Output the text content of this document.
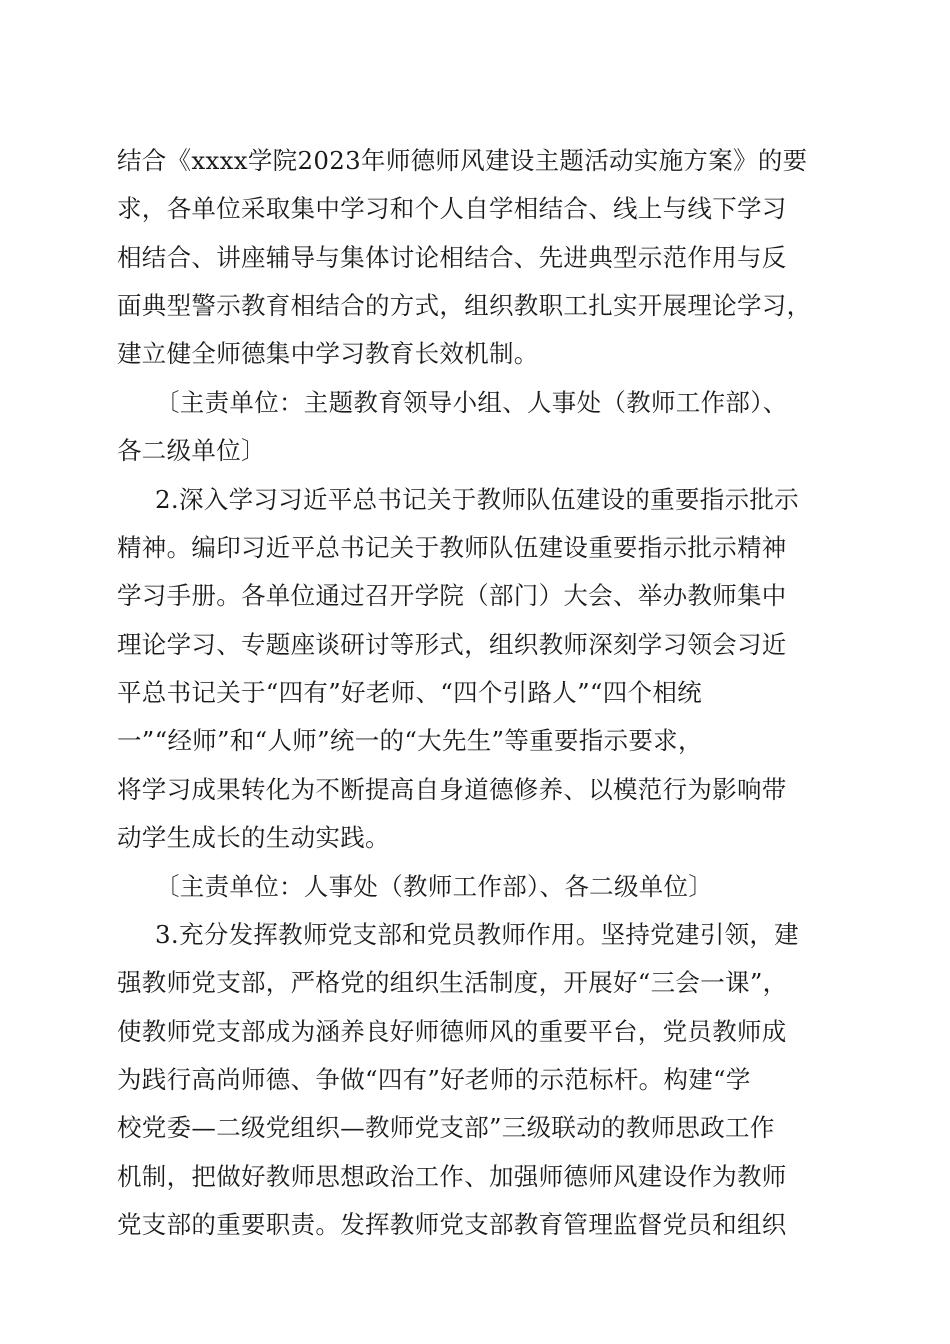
结合《xxxx学院2023年师德师风建设主题活动实施方案》的要
求，各单位采取集中学习和个人自学相结合、线上与线下学习
相结合、讲座辅导与集体讨论相结合、先进典型示范作用与反
面典型警示教育相结合的方式，组织教职工扎实开展理论学习，
建立健全师德集中学习教育长效机制。
〔主责单位：主题教育领导小组、人事处（教师工作部）、
各二级单位〕
2.深入学习习近平总书记关于教师队伍建设的重要指示批示
精神。编印习近平总书记关于教师队伍建设重要指示批示精神
学习手册。各单位通过召开学院（部门）大会、举办教师集中
理论学习、专题座谈研讨等形式，组织教师深刻学习领会习近
平总书记关于“四有”好老师、“四个引路人”“四个相统
一”“经师”和“人师”统一的“大先生”等重要指示要求，
将学习成果转化为不断提高自身道德修养、以模范行为影响带
动学生成长的生动实践。
〔主责单位：人事处（教师工作部）、各二级单位〕
3.充分发挥教师党支部和党员教师作用。坚持党建引领，建
强教师党支部，严格党的组织生活制度，开展好“三会一课”，
使教师党支部成为涵养良好师德师风的重要平台，党员教师成
为践行高尚师德、争做“四有”好老师的示范标杆。构建“学
校党委—二级党组织—教师党支部”三级联动的教师思政工作
机制，把做好教师思想政治工作、加强师德师风建设作为教师
党支部的重要职责。发挥教师党支部教育管理监督党员和组织
